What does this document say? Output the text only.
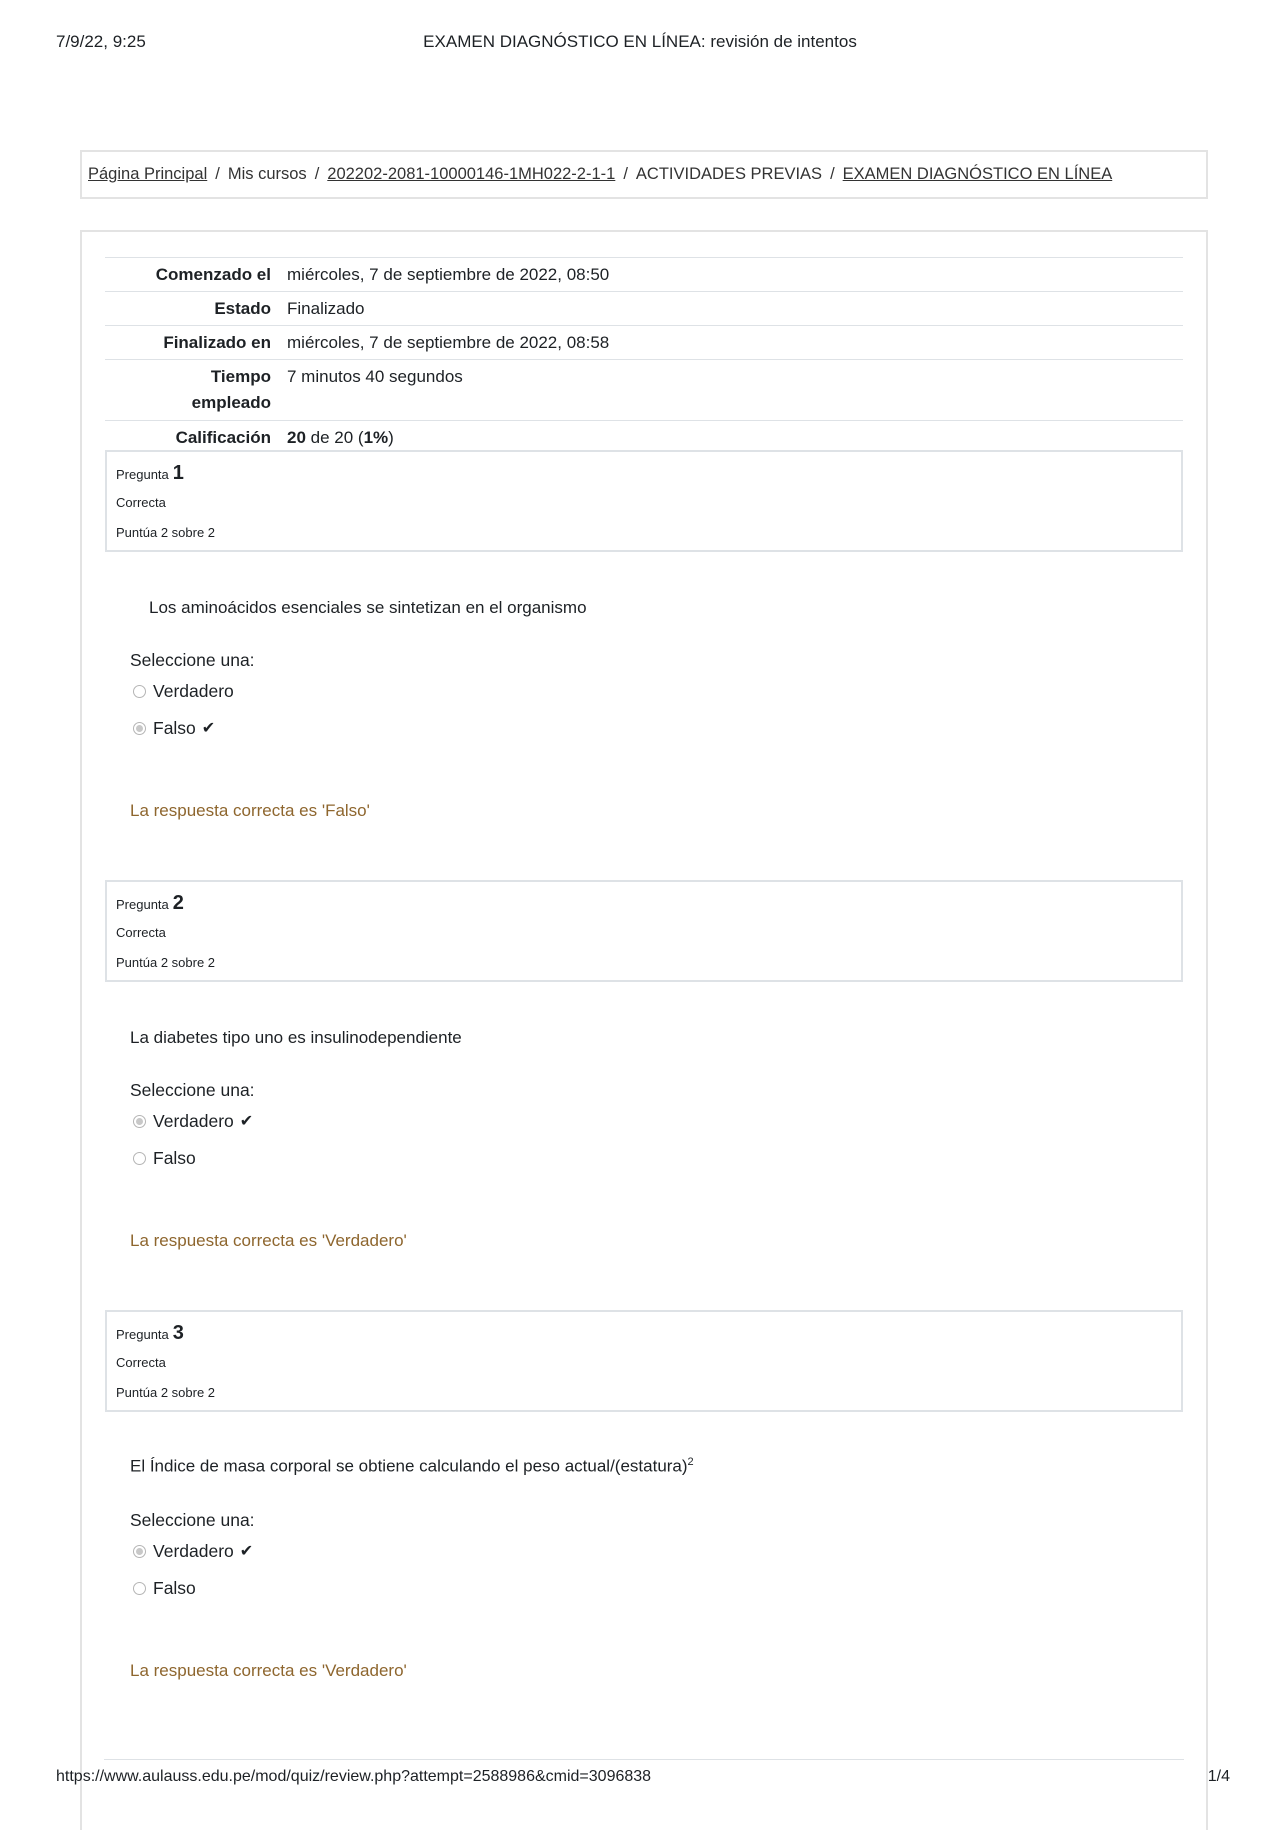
7/9/22, 9:25	EXAMEN DIAGNÓSTICO EN LÍNEA: revisión de intentos
Página Principal / Mis cursos / 202202-2081-10000146-1MH022-2-1-1 / ACTIVIDADES PREVIAS / EXAMEN DIAGNÓSTICO EN LÍNEA
Comenzado el	miércoles, 7 de septiembre de 2022, 08:50
Estado	Finalizado
Finalizado en	miércoles, 7 de septiembre de 2022, 08:58
Tiempo
empleado	7 minutos 40 segundos
Calificación	20 de 20 (1%)
Pregunta 1
Correcta
Puntúa 2 sobre 2
Los aminoácidos esenciales se sintetizan en el organismo
Seleccione una:
Verdadero
Falso ✔
La respuesta correcta es 'Falso'
Pregunta 2
Correcta
Puntúa 2 sobre 2
La diabetes tipo uno es insulinodependiente
Seleccione una:
Verdadero ✔
Falso
La respuesta correcta es 'Verdadero'
Pregunta 3
Correcta
Puntúa 2 sobre 2
El Índice de masa corporal se obtiene calculando el peso actual/(estatura)$^2$
Seleccione una:
Verdadero ✔
Falso
La respuesta correcta es 'Verdadero'
https://www.aulauss.edu.pe/mod/quiz/review.php?attempt=2588986&cmid=3096838	1/4
